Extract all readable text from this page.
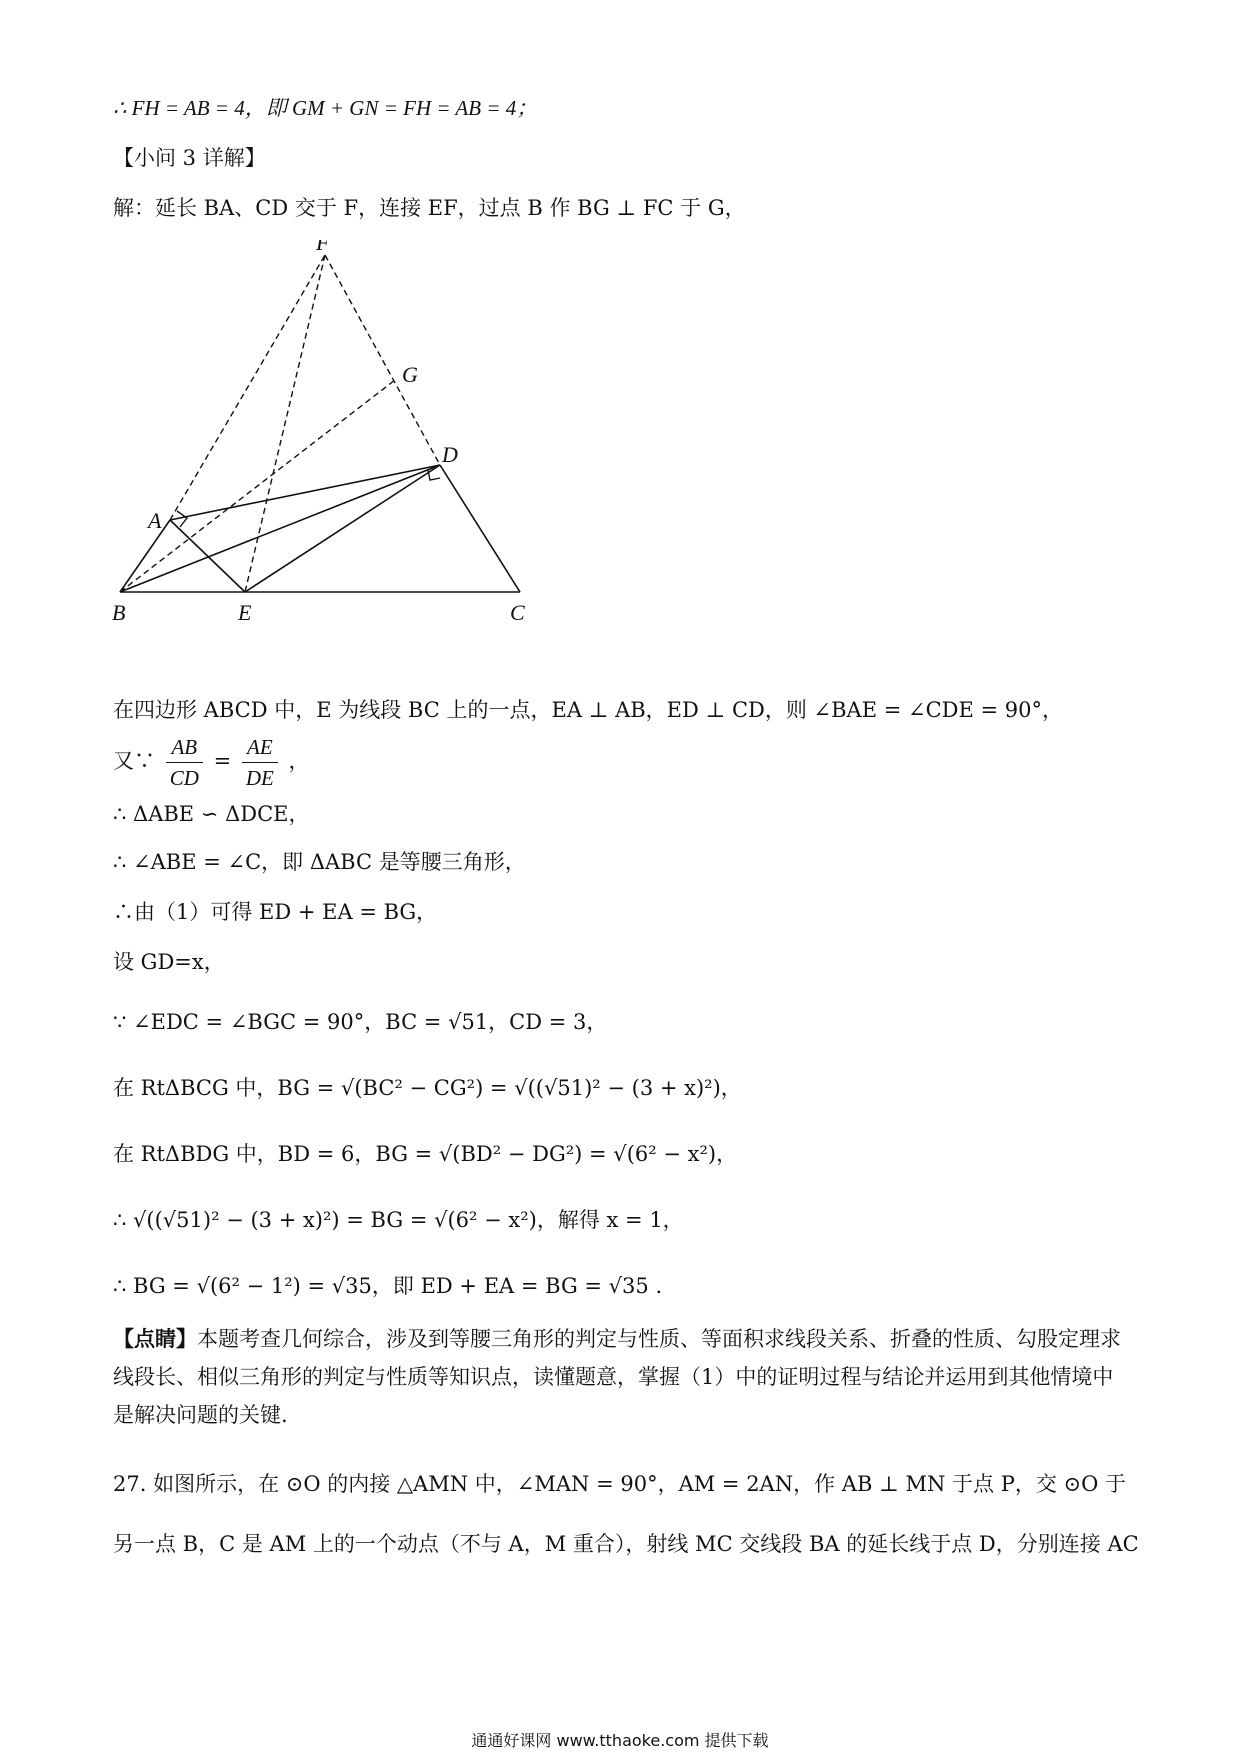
∴ FH = AB = 4，即 GM + GN = FH = AB = 4；
【小问 3 详解】
解：延长 BA、CD 交于 F，连接 EF，过点 B 作 BG ⊥ FC 于 G，
F
G
D
A
B	E	C
在四边形 ABCD 中，E 为线段 BC 上的一点，EA ⊥ AB，ED ⊥ CD，则 ∠BAE = ∠CDE = 90°，
又∵ $\frac{AB}{CD} = \frac{AE}{DE}$ ，
∴ ΔABE ∽ ΔDCE，
∴ ∠ABE = ∠C，即 ΔABC 是等腰三角形，
∴由（1）可得 ED + EA = BG，
设 GD=x，
∵ ∠EDC = ∠BGC = 90°，BC = √51，CD = 3，
在 RtΔBCG 中，BG = √(BC² − CG²) = √((√51)² − (3 + x)²)，
在 RtΔBDG 中，BD = 6，BG = √(BD² − DG²) = √(6² − x²)，
∴ √((√51)² − (3 + x)²) = BG = √(6² − x²)，解得 x = 1，
∴ BG = √(6² − 1²) = √35，即 ED + EA = BG = √35 .
【点睛】本题考查几何综合，涉及到等腰三角形的判定与性质、等面积求线段关系、折叠的性质、勾股定理求线段长、相似三角形的判定与性质等知识点，读懂题意，掌握（1）中的证明过程与结论并运用到其他情境中是解决问题的关键.
27. 如图所示，在 ⊙O 的内接 △AMN 中，∠MAN = 90°，AM = 2AN，作 AB ⊥ MN 于点 P，交 ⊙O 于
另一点 B，C 是 AM 上的一个动点（不与 A，M 重合），射线 MC 交线段 BA 的延长线于点 D，分别连接 AC
通通好课网 www.tthaoke.com 提供下载
